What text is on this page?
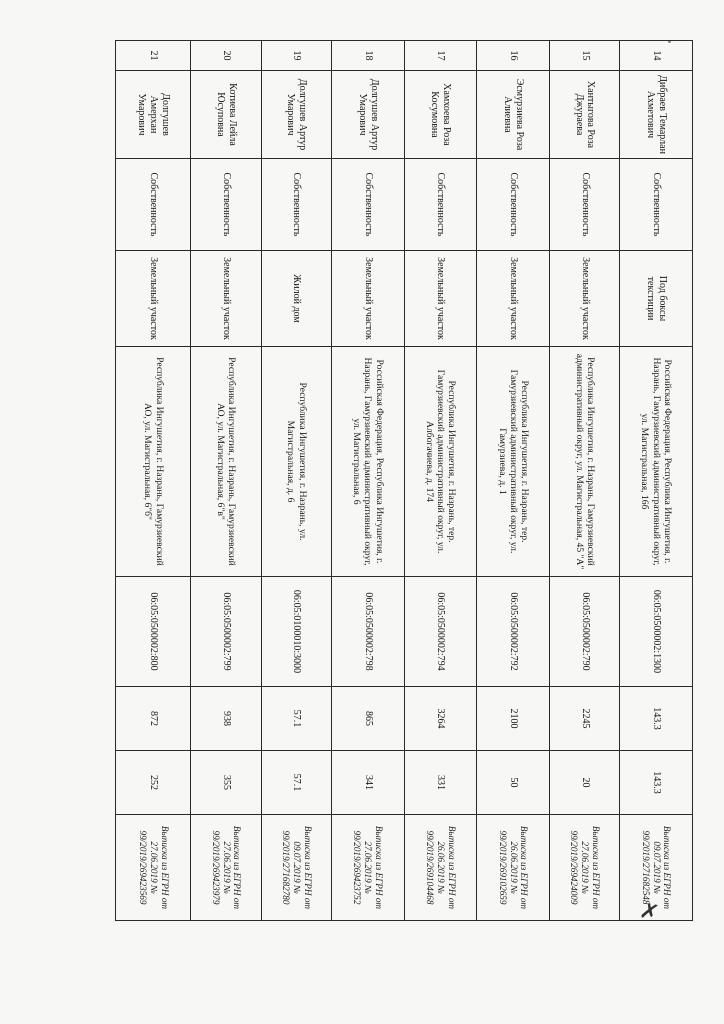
14	Дибраев Темарлан Ахметович	Собственность	Под боксы текстиции	Российская Федерация, Республика Ингушетия, г. Назрань, Гамурзиевский административный округ, ул. Магистральная, 16б	06:05:0500002:1300	143.3	143.3	Выписка из ЕГРН от 09.07.2019 № 99/2019/271682548
15	Хантыгова Роза Джураева	Собственность	Земельный участок	Республика Ингушетия, г. Назрань, Гамурзиевский административный округ, ул. Магистральная, 45 "А"	06:05:0500002:790	2245	20	Выписка из ЕГРН от 27.06.2019 № 99/2019/269424009
16	Эсмурзиева Роза Алиевна	Собственность	Земельный участок	Республика Ингушетия, г. Назрань, тер. Гамурзиевский административный округ, ул. Гамурзиева, д. 1	06:05:0500002:792	2100	50	Выписка из ЕГРН от 26.06.2019 № 99/2019/269102659
17	Хамхоева Роза Косумовна	Собственность	Земельный участок	Республика Ингушетия, г. Назрань, тер. Гамурзиевский административный округ, ул. Албогачиева, д. 174	06:05:0500002:794	3264	331	Выписка из ЕГРН от 26.06.2019 № 99/2019/269104468
18	Долгушев Артур Умарович	Собственность	Земельный участок	Российская Федерация, Республика Ингушетия, г. Назрань, Гамурзиевский административный округ, ул. Магистральная, 6	06:05:0500002:798	865	341	Выписка из ЕГРН от 27.06.2019 № 99/2019/269423752
19	Долгушев Артур Умарович	Собственность	Жилой дом	Республика Ингушетия, г. Назрань, ул. Магистральная, д. 6	06:05:0100010:3000	57.1	57.1	Выписка из ЕГРН от 09.07.2019 № 99/2019/271682780
20	Котиева Лейла Юсуповна	Собственность	Земельный участок	Республика Ингушетия, г. Назрань, Гамурзиевский АО, ул. Магистральная, 6"в"	06:05:0500002:799	938	355	Выписка из ЕГРН от 27.06.2019 № 99/2019/269423979
21	Долгушев Амерхан Умарович	Собственность	Земельный участок	Республика Ингушетия, г. Назрань, Гамурзиевский АО, ул. Магистральная, 6"б"	06:05:0500002:800	872	252	Выписка из ЕГРН от 27.06.2019 № 99/2019/269423569
✗
